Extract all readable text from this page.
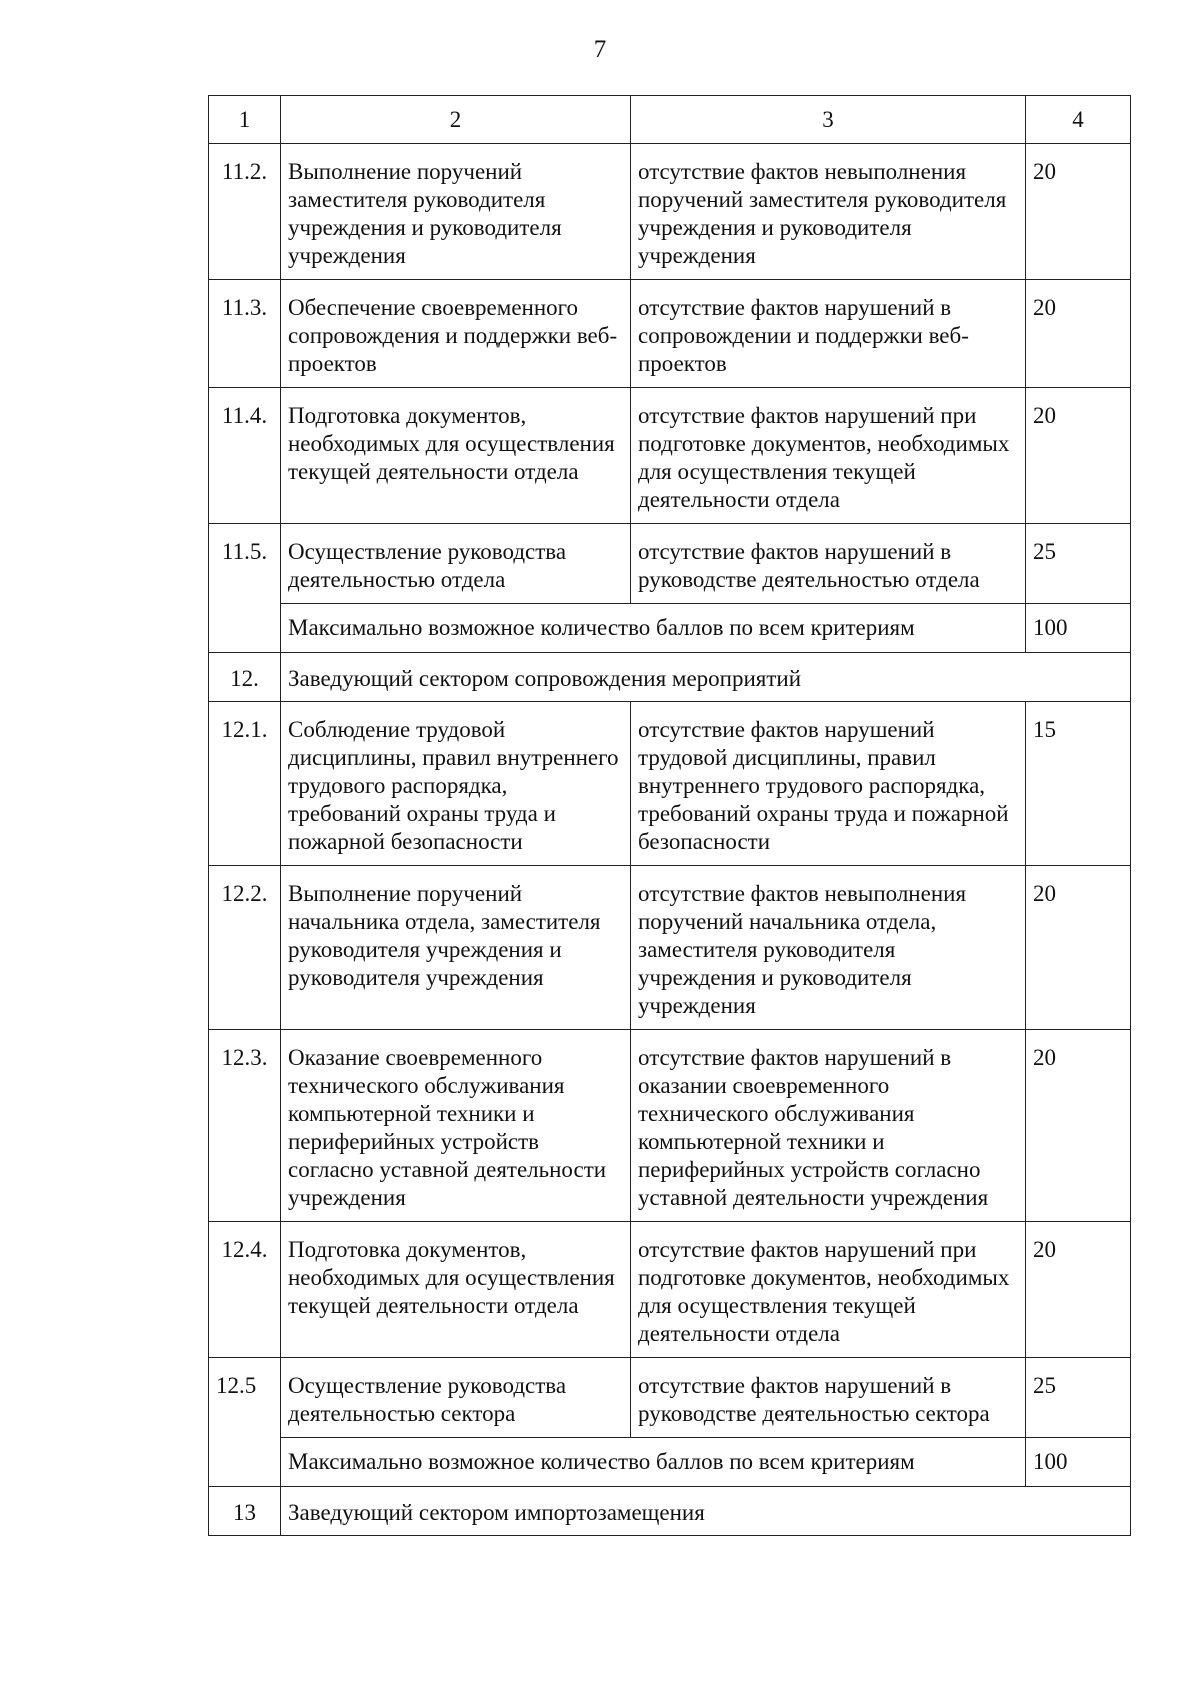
7
1	2	3	4
11.2.	Выполнение поручений заместителя руководителя учреждения и руководителя учреждения	отсутствие фактов невыполнения поручений заместителя руководителя учреждения и руководителя учреждения	20
11.3.	Обеспечение своевременного сопровождения и поддержки веб-проектов	отсутствие фактов нарушений в сопровождении и поддержки веб-проектов	20
11.4.	Подготовка документов, необходимых для осуществления текущей деятельности отдела	отсутствие фактов нарушений при подготовке документов, необходимых для осуществления текущей деятельности отдела	20
11.5.	Осуществление руководства деятельностью отдела	отсутствие фактов нарушений в руководстве деятельностью отдела	25
	Максимально возможное количество баллов по всем критериям		100
12.	Заведующий сектором сопровождения мероприятий		
12.1.	Соблюдение трудовой дисциплины, правил внутреннего трудового распорядка, требований охраны труда и пожарной безопасности	отсутствие фактов нарушений трудовой дисциплины, правил внутреннего трудового распорядка, требований охраны труда и пожарной безопасности	15
12.2.	Выполнение поручений начальника отдела, заместителя руководителя учреждения и руководителя учреждения	отсутствие фактов невыполнения поручений начальника отдела, заместителя руководителя учреждения и руководителя учреждения	20
12.3.	Оказание своевременного технического обслуживания компьютерной техники и периферийных устройств согласно уставной деятельности учреждения	отсутствие фактов нарушений в оказании своевременного технического обслуживания компьютерной техники и периферийных устройств согласно уставной деятельности учреждения	20
12.4.	Подготовка документов, необходимых для осуществления текущей деятельности отдела	отсутствие фактов нарушений при подготовке документов, необходимых для осуществления текущей деятельности отдела	20
12.5	Осуществление руководства деятельностью сектора	отсутствие фактов нарушений в руководстве деятельностью сектора	25
	Максимально возможное количество баллов по всем критериям		100
13	Заведующий сектором импортозамещения		
